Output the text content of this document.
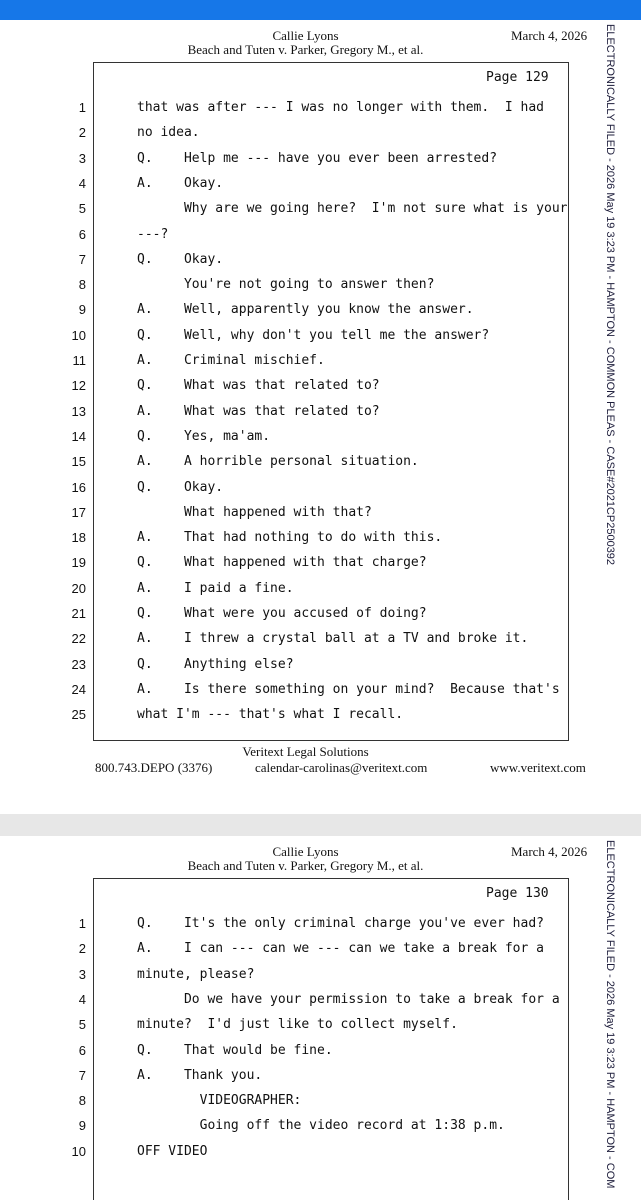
Callie Lyons
Beach and Tuten v. Parker, Gregory M., et al.
March 4, 2026
Page 129
1	that was after --- I was no longer with them.  I had
2	no idea.
3	Q.    Help me --- have you ever been arrested?
4	A.    Okay.
5	Why are we going here?  I'm not sure what is your
6	---?
7	Q.    Okay.
8	You're not going to answer then?
9	A.    Well, apparently you know the answer.
10	Q.    Well, why don't you tell me the answer?
11	A.    Criminal mischief.
12	Q.    What was that related to?
13	A.    What was that related to?
14	Q.    Yes, ma'am.
15	A.    A horrible personal situation.
16	Q.    Okay.
17	What happened with that?
18	A.    That had nothing to do with this.
19	Q.    What happened with that charge?
20	A.    I paid a fine.
21	Q.    What were you accused of doing?
22	A.    I threw a crystal ball at a TV and broke it.
23	Q.    Anything else?
24	A.    Is there something on your mind?  Because that's
25	what I'm --- that's what I recall.
Veritext Legal Solutions
800.743.DEPO (3376)	calendar-carolinas@veritext.com	www.veritext.com
ELECTRONICALLY FILED - 2026 May 19 3:23 PM - HAMPTON - COMMON PLEAS - CASE#2021CP2500392
Callie Lyons
Beach and Tuten v. Parker, Gregory M., et al.
March 4, 2026
Page 130
1	Q.    It's the only criminal charge you've ever had?
2	A.    I can --- can we --- can we take a break for a
3	minute, please?
4	Do we have your permission to take a break for a
5	minute?  I'd just like to collect myself.
6	Q.    That would be fine.
7	A.    Thank you.
8	VIDEOGRAPHER:
9	Going off the video record at 1:38 p.m.
10	OFF VIDEO	ELECTRONICALLY FILED - 2026 May 19 3:23 PM - HAMPTON - COM
